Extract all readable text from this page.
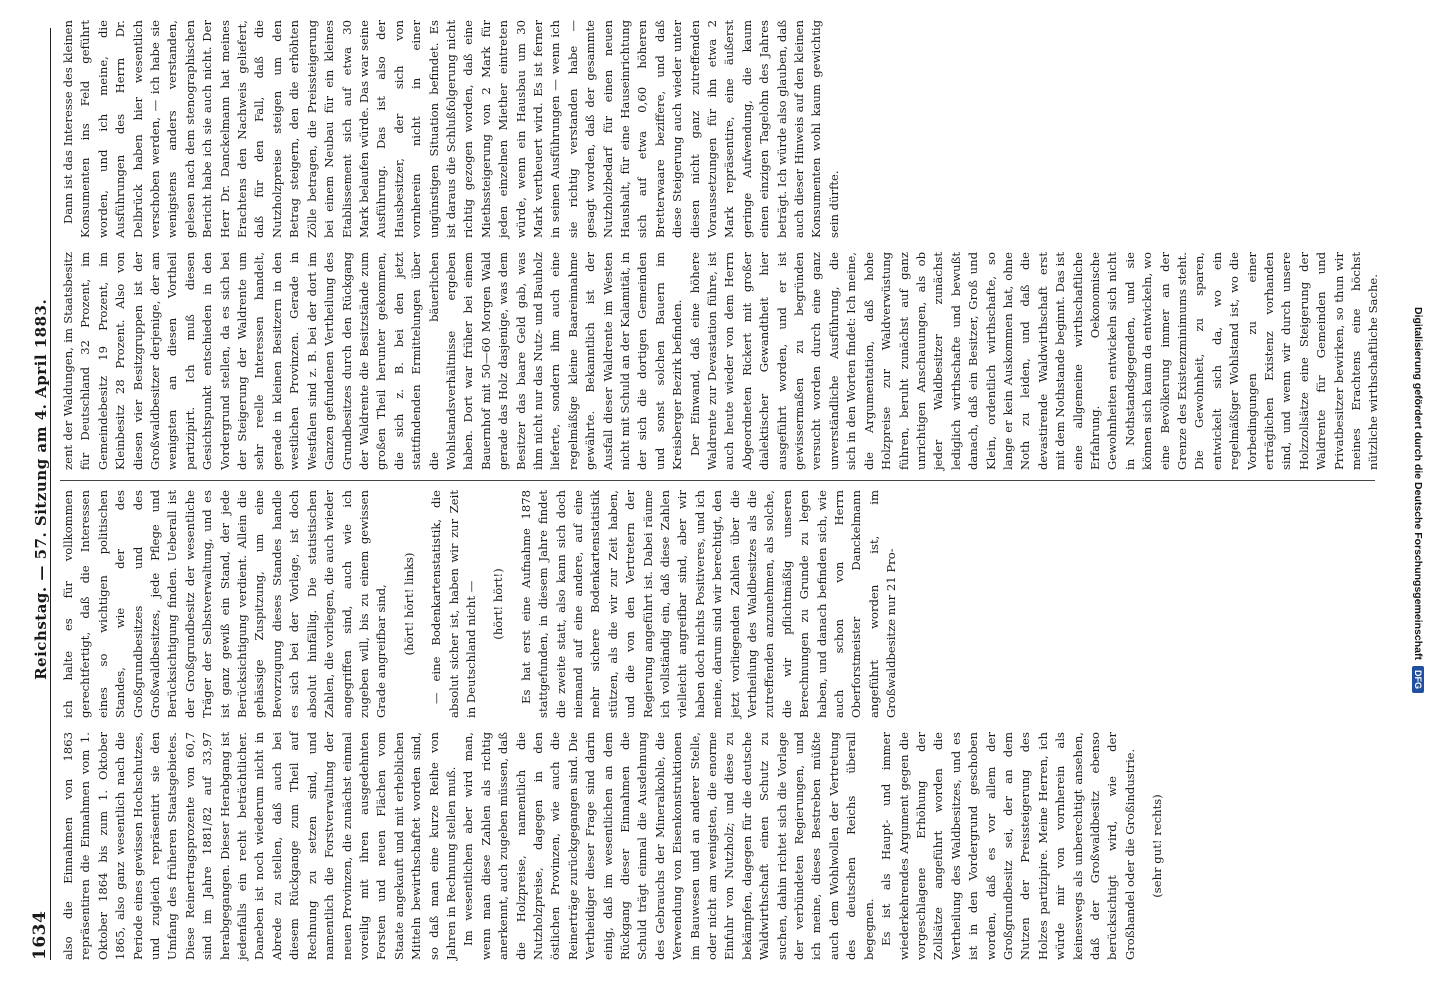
1634
Reichstag. — 57. Sitzung am 4. April 1883.

also die Einnahmen von 1863 repräsentiren die Einnahmen vom 1. Oktober 1864 bis zum 1. Oktober 1865, also ganz wesentlich nach die Periode eines gewissen Hochschutzes, und zugleich repräsentirt sie den Umfang des früheren Staatsgebietes. Diese Reinertragsprozente von 60,7 sind im Jahre 1881/82 auf 33,97 herabgegangen. Dieser Herabgang ist jedenfalls ein recht beträchtlicher. Daneben ist noch wiederum nicht in Abrede zu stellen, daß auch bei diesem Rückgange zum Theil auf Rechnung zu setzen sind, und namentlich die Forstverwaltung der neuen Provinzen, die zunächst einmal voreilig mit ihren ausgedehnten Forsten und neuen Flächen vom Staate angekauft und mit erheblichen Mitteln bewirthschaftet worden sind, so daß man eine kurze Reihe von Jahren in Rechnung stellen muß. Im wesentlichen aber wird man, wenn man diese Zahlen als richtig anerkennt, auch zugeben müssen, daß die Holzpreise, namentlich die Nutzholzpreise, dagegen in den östlichen Provinzen, wie auch die Reinerträge zurückgegangen sind. Die Vertheidiger dieser Frage sind darin einig, daß im wesentlichen an dem Rückgang dieser Einnahmen die Schuld trägt einmal die Ausdehnung des Gebrauchs der Mineralkohle, die Verwendung von Eisenkonstruktionen im Bauwesen und an anderer Stelle, oder nicht am wenigsten, die enorme Einfuhr von Nutzholz; und diese zu bekämpfen, dagegen für die deutsche Waldwirthschaft einen Schutz zu suchen, dahin richtet sich die Vorlage der verbündeten Regierungen, und ich meine, dieses Bestreben müßte auch dem Wohlwollen der Vertretung des deutschen Reichs überall begegnen. Es ist als Haupt- und immer wiederkehrendes Argument gegen die vorgeschlagene Erhöhung der Zollsätze angeführt worden die Vertheilung des Waldbesitzes, und es ist in den Vordergrund geschoben worden, daß es vor allem der Großgrundbesitz sei, der an dem Nutzen der Preissteigerung des Holzes partizipire. Meine Herren, ich würde mir von vornherein als keineswegs als unberechtigt ansehen, daß der Großwaldbesitz ebenso berücksichtigt wird, wie der Großhandel oder die Großindustrie. (sehr gut! rechts)

ich halte es für vollkommen gerechtfertigt, daß die Interessen eines so wichtigen politischen Standes, wie der des Großgrundbesitzes und des Großwaldbesitzes, jede Pflege und Berücksichtigung finden. Ueberall ist der Großgrundbesitz der wesentliche Träger der Selbstverwaltung, und es ist ganz gewiß ein Stand, der jede Berücksichtigung verdient. Allein die gehässige Zuspitzung, um eine Bevorzugung dieses Standes handle es sich bei der Vorlage, ist doch absolut hinfällig. Die statistischen Zahlen, die vorliegen, die auch wieder angegriffen sind, auch wie ich zugeben will, bis zu einem gewissen Grade angreifbar sind, (hört! hört! links) — eine Bodenkartenstatistik, die absolut sicher ist, haben wir zur Zeit in Deutschland nicht — (hört! hört!) Es hat erst eine Aufnahme 1878 stattgefunden, in diesem Jahre findet die zweite statt, also kann sich doch niemand auf eine andere, auf eine mehr sichere Bodenkartenstatistik stützen, als die wir zur Zeit haben, und die von den Vertretern der Regierung angeführt ist. Dabei räume ich vollständig ein, daß diese Zahlen vielleicht angreifbar sind, aber wir haben doch nichts Positiveres, und ich meine, darum sind wir berechtigt, den jetzt vorliegenden Zahlen über die Vertheilung des Waldbesitzes als die zutreffenden anzunehmen, als solche, die wir pflichtmäßig unseren Berechnungen zu Grunde zu legen haben, und danach befinden sich, wie auch schon von Herrn Oberforstmeister Danckelmann angeführt worden ist, im Großwaldbesitze nur 21 Pro-

zent der Waldungen, im Staatsbesitz für Deutschland 32 Prozent, im Gemeindebesitz 19 Prozent, im Kleinbesitz 28 Prozent. Also von diesen vier Besitzgruppen ist der Großwaldbesitzer derjenige, der am wenigsten an diesen Vortheil partizipirt. Ich muß diesen Gesichtspunkt entschieden in den Vordergrund stellen, da es sich bei der Steigerung der Waldrente um sehr reelle Interessen handelt, gerade in kleinen Besitzern in den westlichen Provinzen. Gerade in Westfalen sind z. B. bei der dort im Ganzen gefundenen Vertheilung des Grundbesitzes durch den Rückgang der Waldrente die Besitzstände zum großen Theil herunter gekommen, die sich z. B. bei den jetzt stattfindenden Ermittelungen über die bäuerlichen Wohlstandsverhältnisse ergeben haben. Dort war früher bei einem Bauernhof mit 50—60 Morgen Wald gerade das Holz dasjenige, was dem Besitzer das baare Geld gab, was ihm nicht nur das Nutz- und Bauholz lieferte, sondern ihm auch eine regelmäßige kleine Baareinnahme gewährte. Bekanntlich ist der Ausfall dieser Waldrente im Westen nicht mit Schuld an der Kalamität, in der sich die dortigen Gemeinden und sonst solchen Bauern im Kreisberger Bezirk befinden. Der Einwand, daß eine höhere Waldrente zur Devastation führe, ist auch heute wieder von dem Herrn Abgeordneten Rickert mit großer dialektischer Gewandtheit hier ausgeführt worden, und er ist gewissermaßen zu begründen versucht worden durch eine ganz unverständliche Ausführung, die sich in den Worten findet: Ich meine, die Argumentation, daß hohe Holzpreise zur Waldverwüstung führen, beruht zunächst auf ganz unrichtigen Anschauungen, als ob jeder Waldbesitzer zunächst lediglich wirthschafte und bewußt danach, daß ein Besitzer, Groß und Klein, ordentlich wirthschafte, so lange er kein Auskommen hat, ohne Noth zu leiden, und daß die devastirende Waldwirthschaft erst mit dem Nothstande beginnt. Das ist eine allgemeine wirthschaftliche Erfahrung. Oekonomische Gewohnheiten entwickeln sich nicht in Nothstandsgegenden, und sie können sich kaum da entwickeln, wo eine Bevölkerung immer an der Grenze des Existenzminimums steht. Die Gewohnheit, zu sparen, entwickelt sich da, wo ein regelmäßiger Wohlstand ist, wo die Vorbedingungen zu einer erträglichen Existenz vorhanden sind, und wenn wir durch unsere Holzzollsätze eine Steigerung der Waldrente für Gemeinden und Privatbesitzer bewirken, so thun wir meines Erachtens eine höchst nützliche wirthschaftliche Sache.

Dann ist das Interesse des kleinen Konsumenten ins Feld geführt worden, und ich meine, die Ausführungen des Herrn Dr. Delbrück haben hier wesentlich verschoben werden, — ich habe sie wenigstens anders verstanden, gelesen nach dem stenographischen Bericht habe ich sie auch nicht. Der Herr Dr. Danckelmann hat meines Erachtens den Nachweis geliefert, daß für den Fall, daß die Nutzholzpreise steigen um den Betrag steigern, den die erhöhten Zölle betragen, die Preissteigerung bei einem Neubau für ein kleines Etablissement sich auf etwa 30 Mark belaufen würde. Das war seine Ausführung. Das ist also der Hausbesitzer, der sich von vornherein nicht in einer ungünstigen Situation befindet. Es ist daraus die Schlußfolgerung nicht richtig gezogen worden, daß eine Miethssteigerung von 2 Mark für jeden einzelnen Miether eintreten würde, wenn ein Hausbau um 30 Mark vertheuert wird. Es ist ferner in seinen Ausführungen — wenn ich sie richtig verstanden habe — gesagt worden, daß der gesammte Nutzholzbedarf für einen neuen Haushalt, für eine Hauseinrichtung sich auf etwa 0,60 höheren Bretterwaare beziffere, und daß diese Steigerung auch wieder unter diesen nicht ganz zutreffenden Voraussetzungen für ihn etwa 2 Mark repräsentire, eine äußerst geringe Aufwendung, die kaum einen einzigen Tagelohn des Jahres beträgt. Ich würde also glauben, daß auch dieser Hinweis auf den kleinen Konsumenten wohl kaum gewichtig sein dürfte.

Digitalisierung gefördert durch die Deutsche Forschungsgemeinschaft
DFG
